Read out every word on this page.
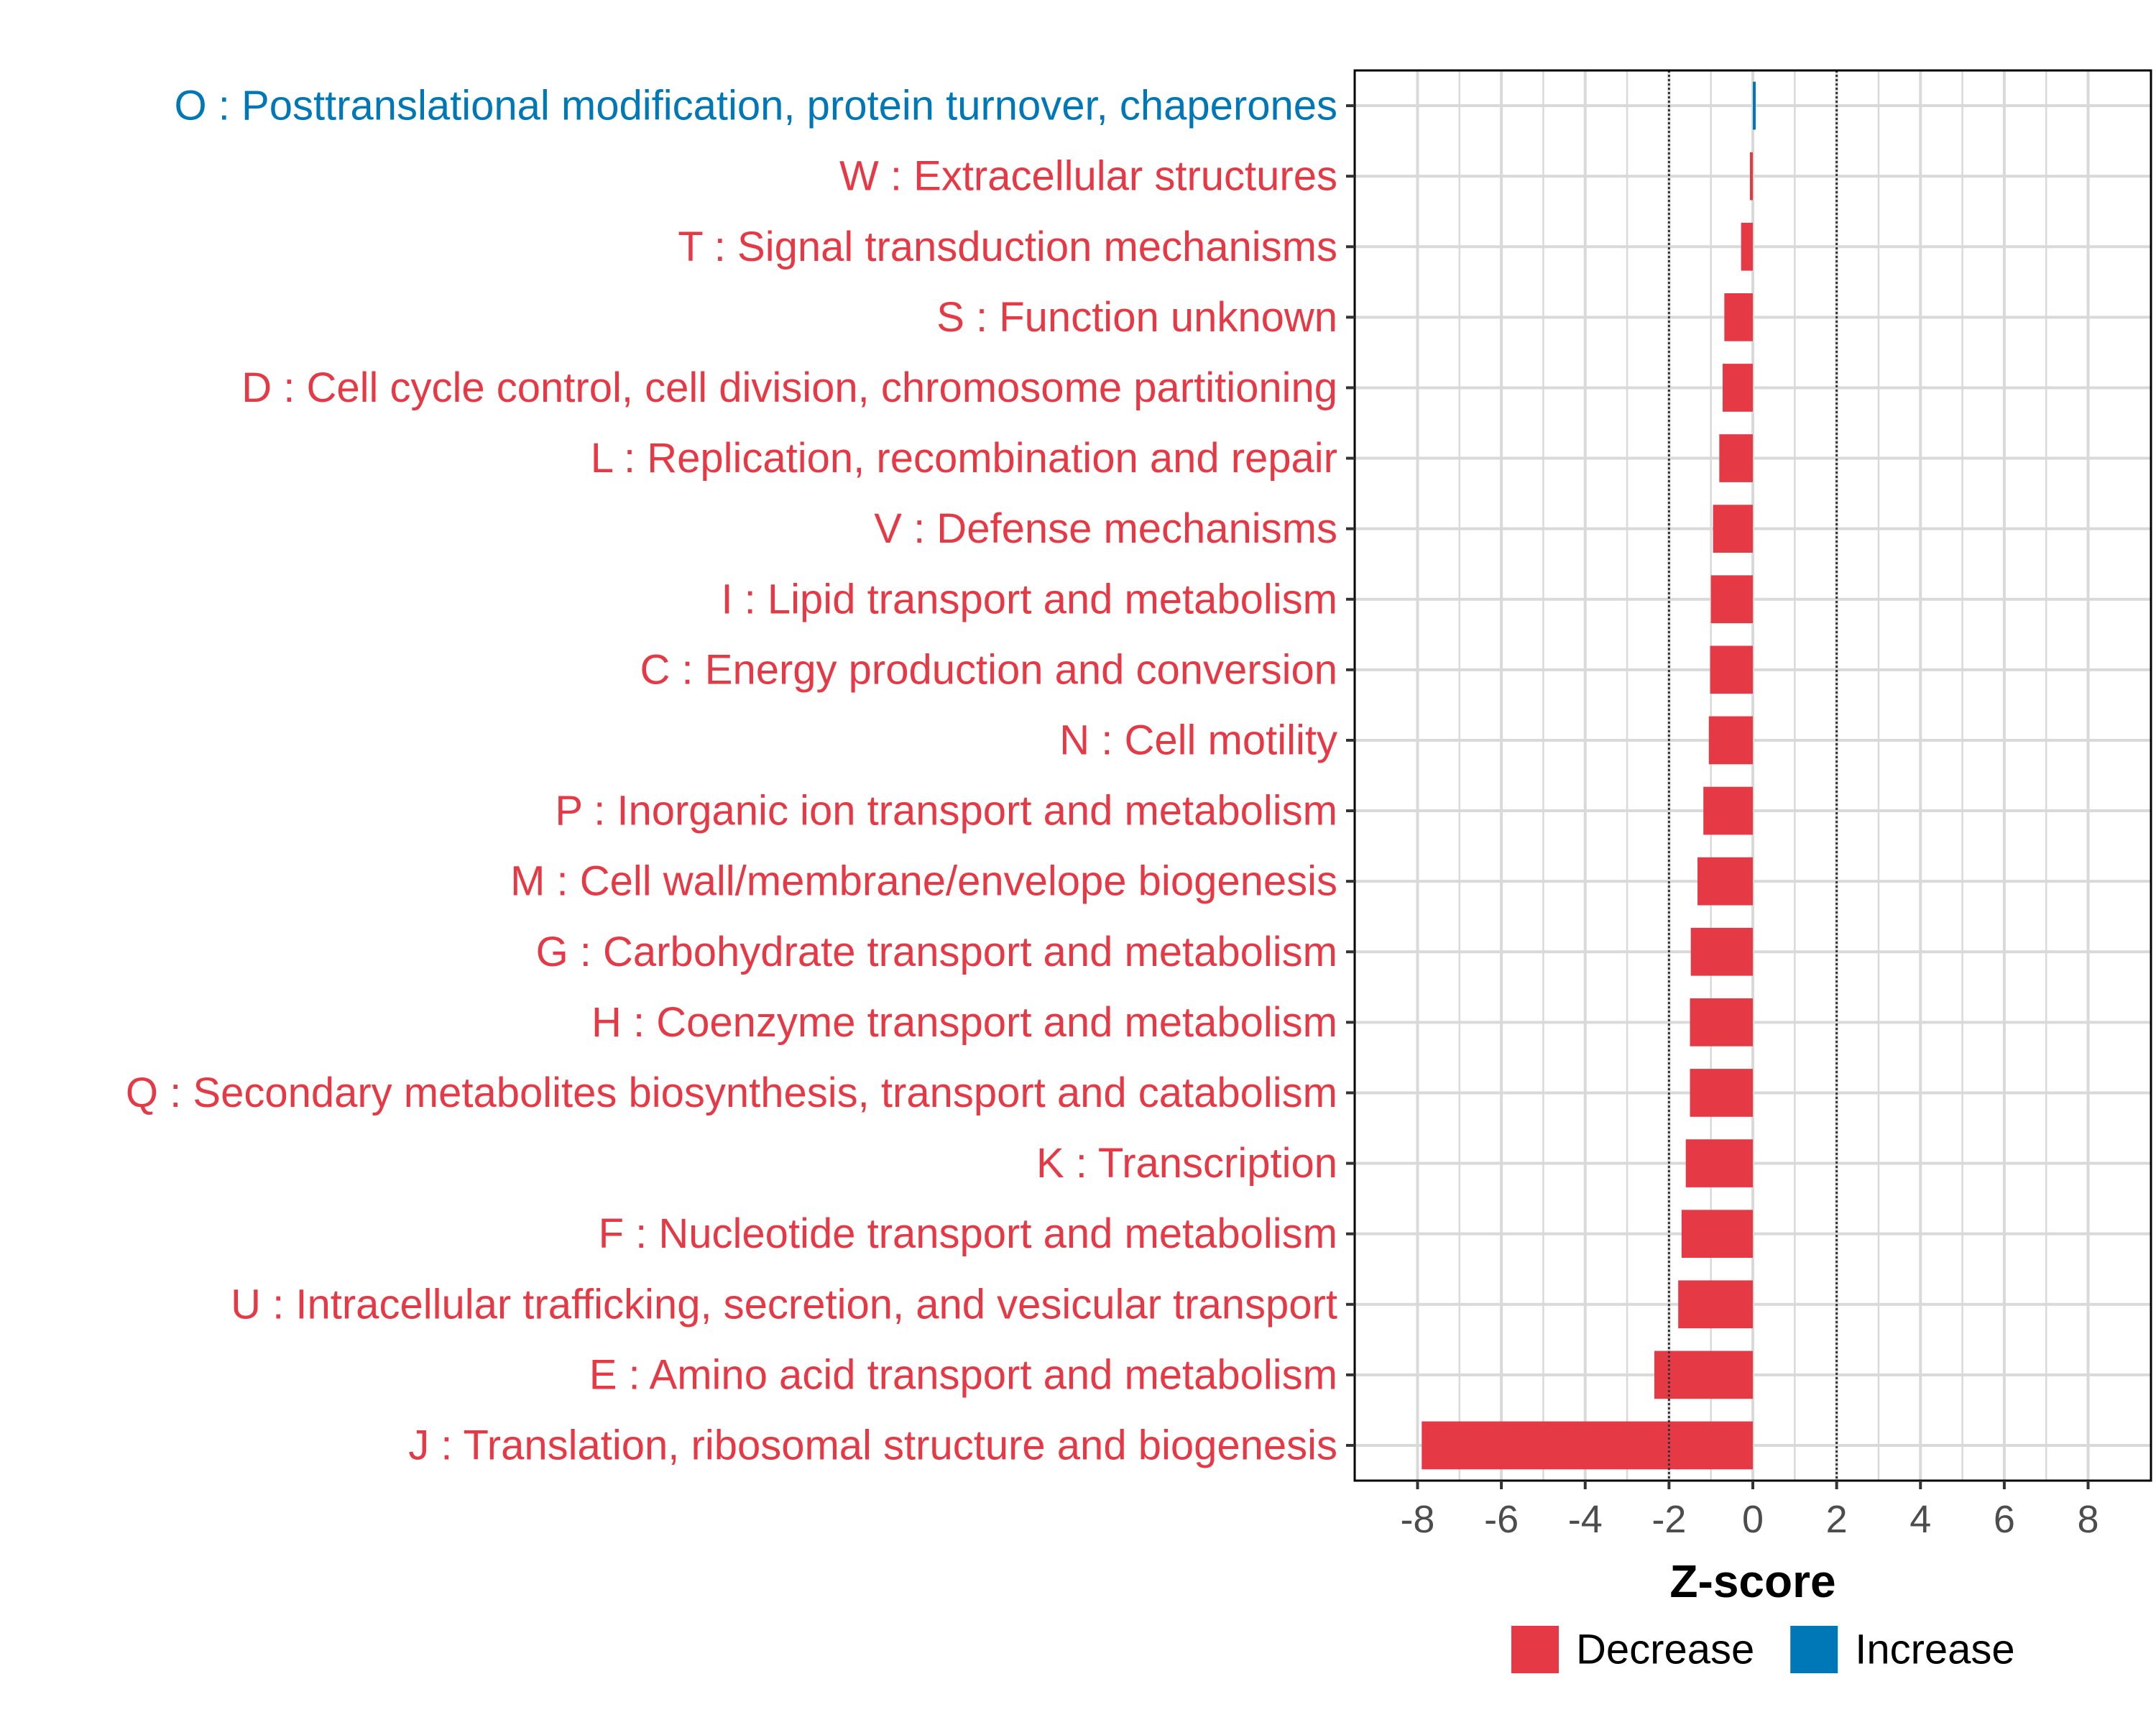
O : Posttranslational modification, protein turnover, chaperones
W : Extracellular structures
T : Signal transduction mechanisms
S : Function unknown
D : Cell cycle control, cell division, chromosome partitioning
L : Replication, recombination and repair
V : Defense mechanisms
I : Lipid transport and metabolism
C : Energy production and conversion
N : Cell motility
P : Inorganic ion transport and metabolism
M : Cell wall/membrane/envelope biogenesis
G : Carbohydrate transport and metabolism
H : Coenzyme transport and metabolism
Q : Secondary metabolites biosynthesis, transport and catabolism
K : Transcription
F : Nucleotide transport and metabolism
U : Intracellular trafficking, secretion, and vesicular transport
E : Amino acid transport and metabolism
J : Translation, ribosomal structure and biogenesis
-8 -6 -4 -2 0 2 4 6 8
Z-score
Decrease Increase
